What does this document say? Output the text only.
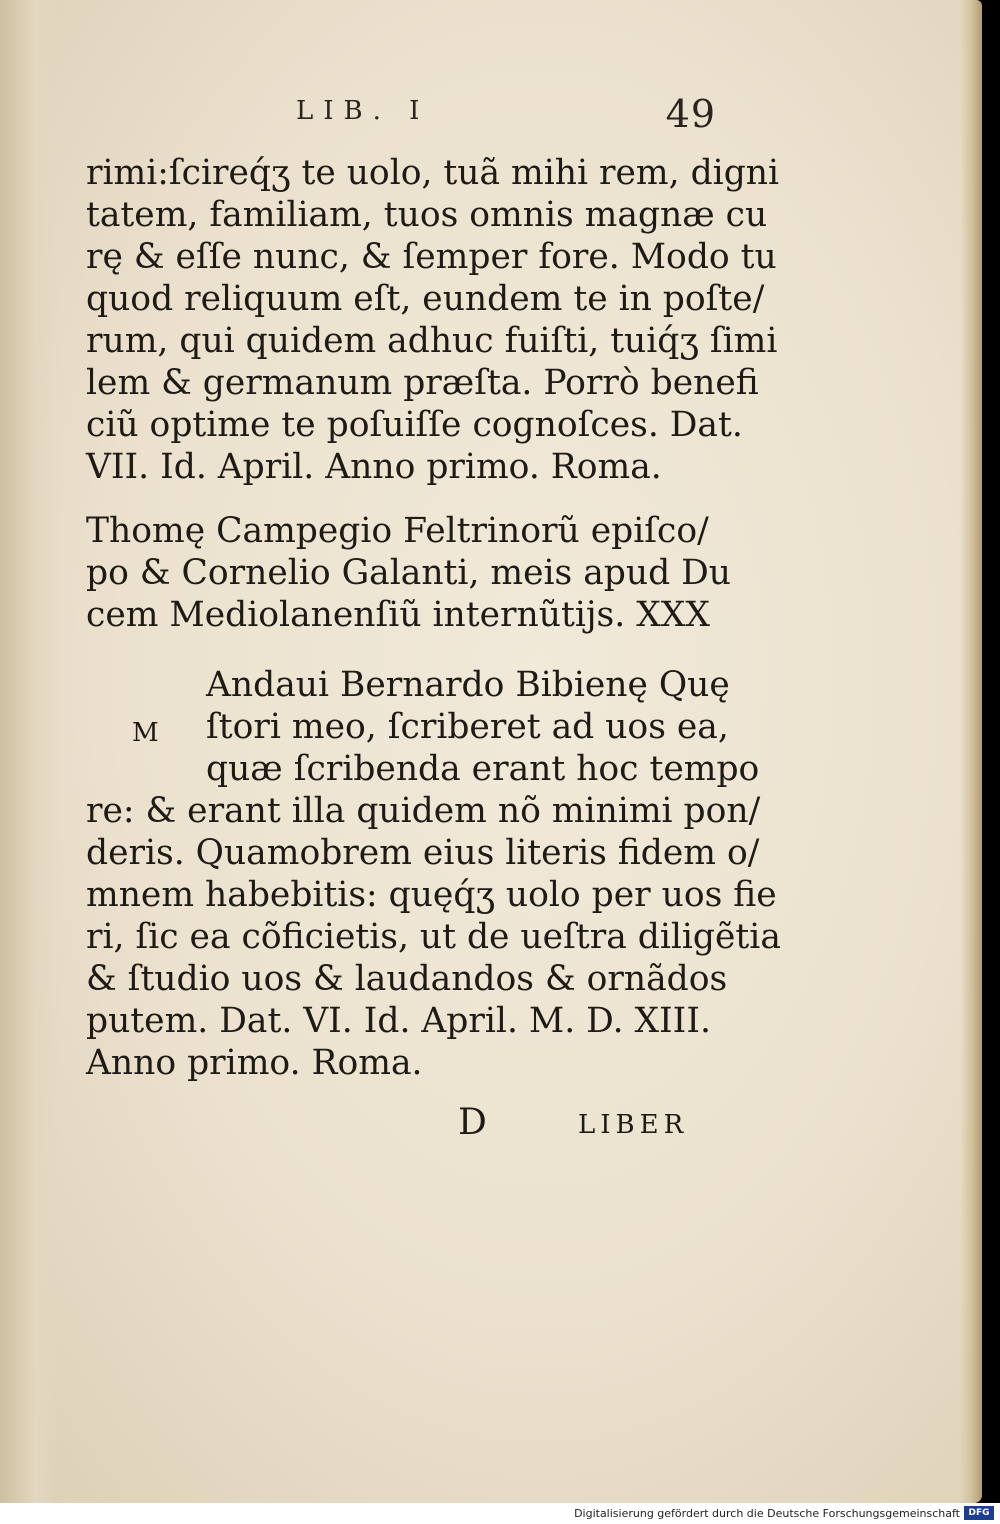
LIB. I	49
rimi:ſcireq́ʒ te uolo, tuã mihi rem, digni
tatem, familiam, tuos omnis magnæ cu
rę & eſſe nunc, & ſemper fore. Modo tu
quod reliquum eſt, eundem te in poſte/
rum, qui quidem adhuc fuiſti, tuiq́ʒ ſimi
lem & germanum præſta. Porrò benefi
ciũ optime te poſuiſſe cognoſces. Dat.
VII. Id. April. Anno primo. Roma.
Thomę Campegio Feltrinorũ epiſco/
po & Cornelio Galanti, meis apud Du
cem Mediolanenſiũ internũtijs. XXX
M
Andaui Bernardo Bibienę Quę
ſtori meo, ſcriberet ad uos ea,
quæ ſcribenda erant hoc tempo
re: & erant illa quidem nõ minimi pon/
deris. Quamobrem eius literis fidem o/
mnem habebitis: quęq́ʒ uolo per uos fie
ri, ſic ea cõficietis, ut de ueſtra diligẽtia
& ſtudio uos & laudandos & ornãdos
putem. Dat. VI. Id. April. M. D. XIII.
Anno primo. Roma.
D	LIBER
Digitalisierung gefördert durch die Deutsche Forschungsgemeinschaft DFG
